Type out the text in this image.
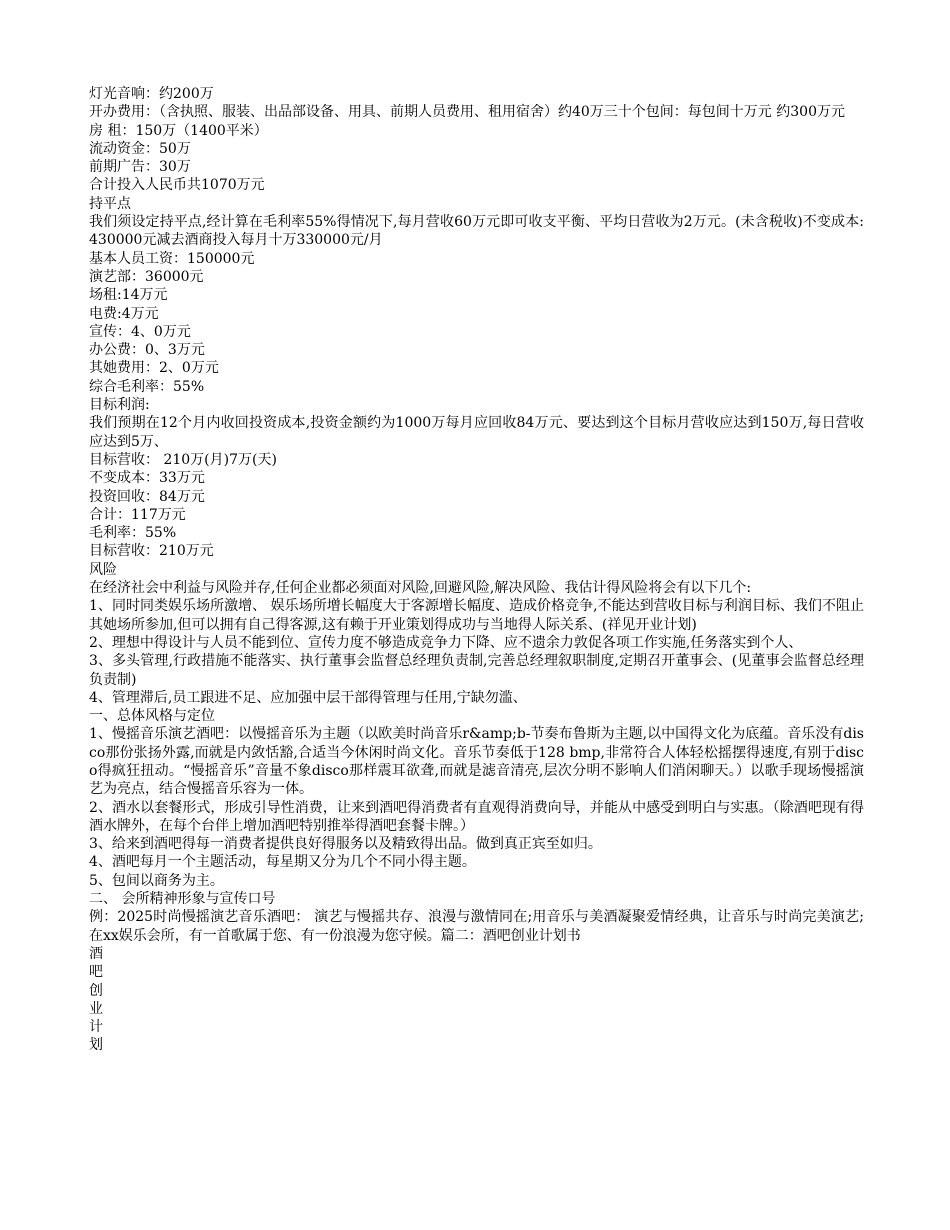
灯光音响：约200万

开办费用：（含执照、服装、出品部设备、用具、前期人员费用、租用宿舍）约40万三十个包间：每包间十万元 约300万元

房 租：150万（1400平米）

流动资金：50万

前期广告：30万

合计投入人民币共1070万元

持平点

我们须设定持平点,经计算在毛利率55%得情况下,每月营收60万元即可收支平衡、平均日营收为2万元。(未含税收)不变成本:430000元减去酒商投入每月十万330000元/月

基本人员工资：150000元

演艺部：36000元

场租:14万元

电费:4万元

宣传：4、0万元

办公费：0、3万元

其她费用：2、0万元

综合毛利率：55%

目标利润:

我们预期在12个月内收回投资成本,投资金额约为1000万每月应回收84万元、要达到这个目标月营收应达到150万,每日营收应达到5万、

目标营收： 210万(月)7万(天)

不变成本：33万元

投资回收：84万元

合计：117万元

毛利率：55%

目标营收：210万元

风险

在经济社会中利益与风险并存,任何企业都必须面对风险,回避风险,解决风险、我估计得风险将会有以下几个:

1、同时同类娱乐场所激增、 娱乐场所增长幅度大于客源增长幅度、造成价格竞争,不能达到营收目标与利润目标、我们不阻止其她场所参加,但可以拥有自己得客源,这有赖于开业策划得成功与当地得人际关系、(祥见开业计划)

2、理想中得设计与人员不能到位、宣传力度不够造成竞争力下降、应不遗余力敦促各项工作实施,任务落实到个人、

3、多头管理,行政措施不能落实、执行董事会监督总经理负责制,完善总经理叙职制度,定期召开董事会、(见董事会监督总经理负责制)

4、管理滞后,员工跟进不足、应加强中层干部得管理与任用,宁缺勿滥、

一、总体风格与定位

1、慢摇音乐演艺酒吧：以慢摇音乐为主题（以欧美时尚音乐r&amp;b-节奏布鲁斯为主题,以中国得文化为底蕴。音乐没有disco那份张扬外露,而就是内敛恬豁,合适当今休闲时尚文化。音乐节奏低于128 bmp,非常符合人体轻松摇摆得速度,有别于disco得疯狂扭动。“慢摇音乐”音量不象disco那样震耳欲聋,而就是滤音清亮,层次分明不影响人们消闲聊天。）以歌手现场慢摇演艺为亮点，结合慢摇音乐容为一体。

2、酒水以套餐形式，形成引导性消费，让来到酒吧得消费者有直观得消费向导，并能从中感受到明白与实惠。（除酒吧现有得酒水牌外，在每个台伴上增加酒吧特别推举得酒吧套餐卡牌。）

3、给来到酒吧得每一消费者提供良好得服务以及精致得出品。做到真正宾至如归。

4、酒吧每月一个主题活动，每星期又分为几个不同小得主题。

5、包间以商务为主。

二、 会所精神形象与宣传口号

例：2025时尚慢摇演艺音乐酒吧： 演艺与慢摇共存、浪漫与激情同在;用音乐与美酒凝聚爱情经典，让音乐与时尚完美演艺;在xx娱乐会所，有一首歌属于您、有一份浪漫为您守候。篇二：酒吧创业计划书

酒

吧

创

业

计

划
